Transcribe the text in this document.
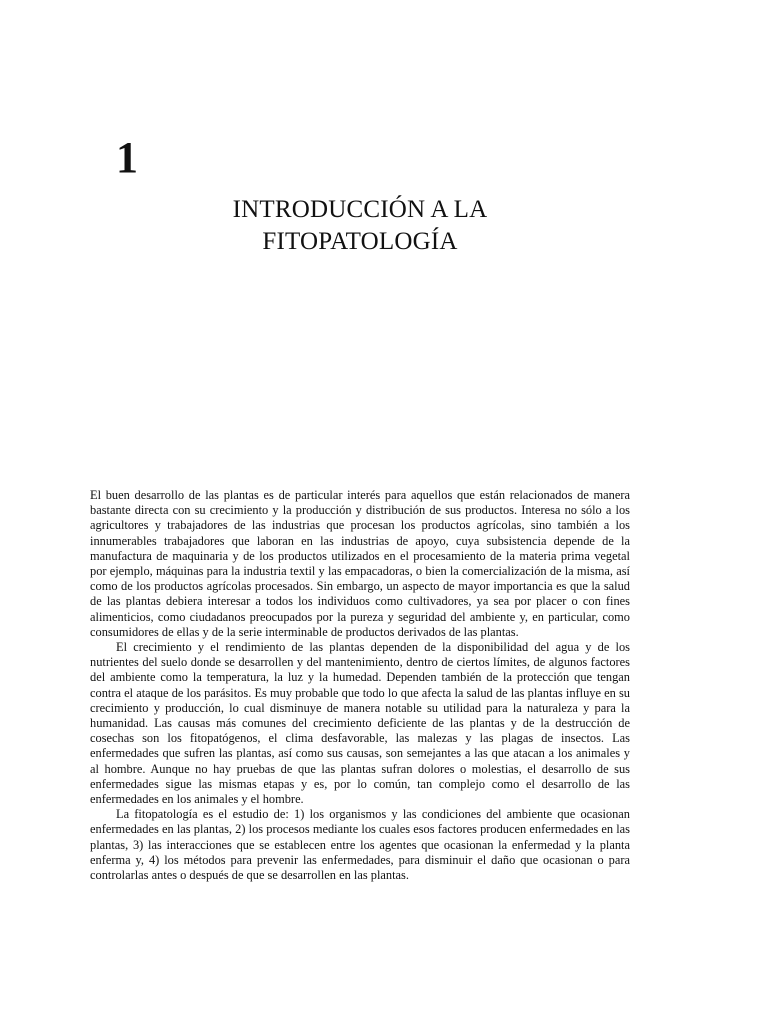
1
INTRODUCCIÓN A LA
FITOPATOLOGÍA

El buen desarrollo de las plantas es de particular interés para aquellos que están relacionados de manera bastante directa con su crecimiento y la producción y distribución de sus productos. Interesa no sólo a los agricultores y trabajadores de las industrias que procesan los productos agrícolas, sino también a los innumerables trabajadores que laboran en las industrias de apoyo, cuya subsistencia depende de la manufactura de maquinaria y de los productos utilizados en el procesamiento de la materia prima vegetal por ejemplo, máquinas para la industria textil y las empacadoras, o bien la comercialización de la misma, así como de los productos agrícolas procesados. Sin embargo, un aspecto de mayor importancia es que la salud de las plantas debiera interesar a todos los individuos como cultivadores, ya sea por placer o con fines alimenticios, como ciudadanos preocupados por la pureza y seguridad del ambiente y, en particular, como consumidores de ellas y de la serie interminable de productos derivados de las plantas.

El crecimiento y el rendimiento de las plantas dependen de la disponibilidad del agua y de los nutrientes del suelo donde se desarrollen y del mantenimiento, dentro de ciertos límites, de algunos factores del ambiente como la temperatura, la luz y la humedad. Dependen también de la protección que tengan contra el ataque de los parásitos. Es muy probable que todo lo que afecta la salud de las plantas influye en su crecimiento y producción, lo cual disminuye de manera notable su utilidad para la naturaleza y para la humanidad. Las causas más comunes del crecimiento deficiente de las plantas y de la destrucción de cosechas son los fitopatógenos, el clima desfavorable, las malezas y las plagas de insectos. Las enfermedades que sufren las plantas, así como sus causas, son semejantes a las que atacan a los animales y al hombre. Aunque no hay pruebas de que las plantas sufran dolores o molestias, el desarrollo de sus enfermedades sigue las mismas etapas y es, por lo común, tan complejo como el desarrollo de las enfermedades en los animales y el hombre.

La fitopatología es el estudio de: 1) los organismos y las condiciones del ambiente que ocasionan enfermedades en las plantas, 2) los procesos mediante los cuales esos factores producen enfermedades en las plantas, 3) las interacciones que se establecen entre los agentes que ocasionan la enfermedad y la planta enferma y, 4) los métodos para prevenir las enfermedades, para disminuir el daño que ocasionan o para controlarlas antes o después de que se desarrollen en las plantas.
